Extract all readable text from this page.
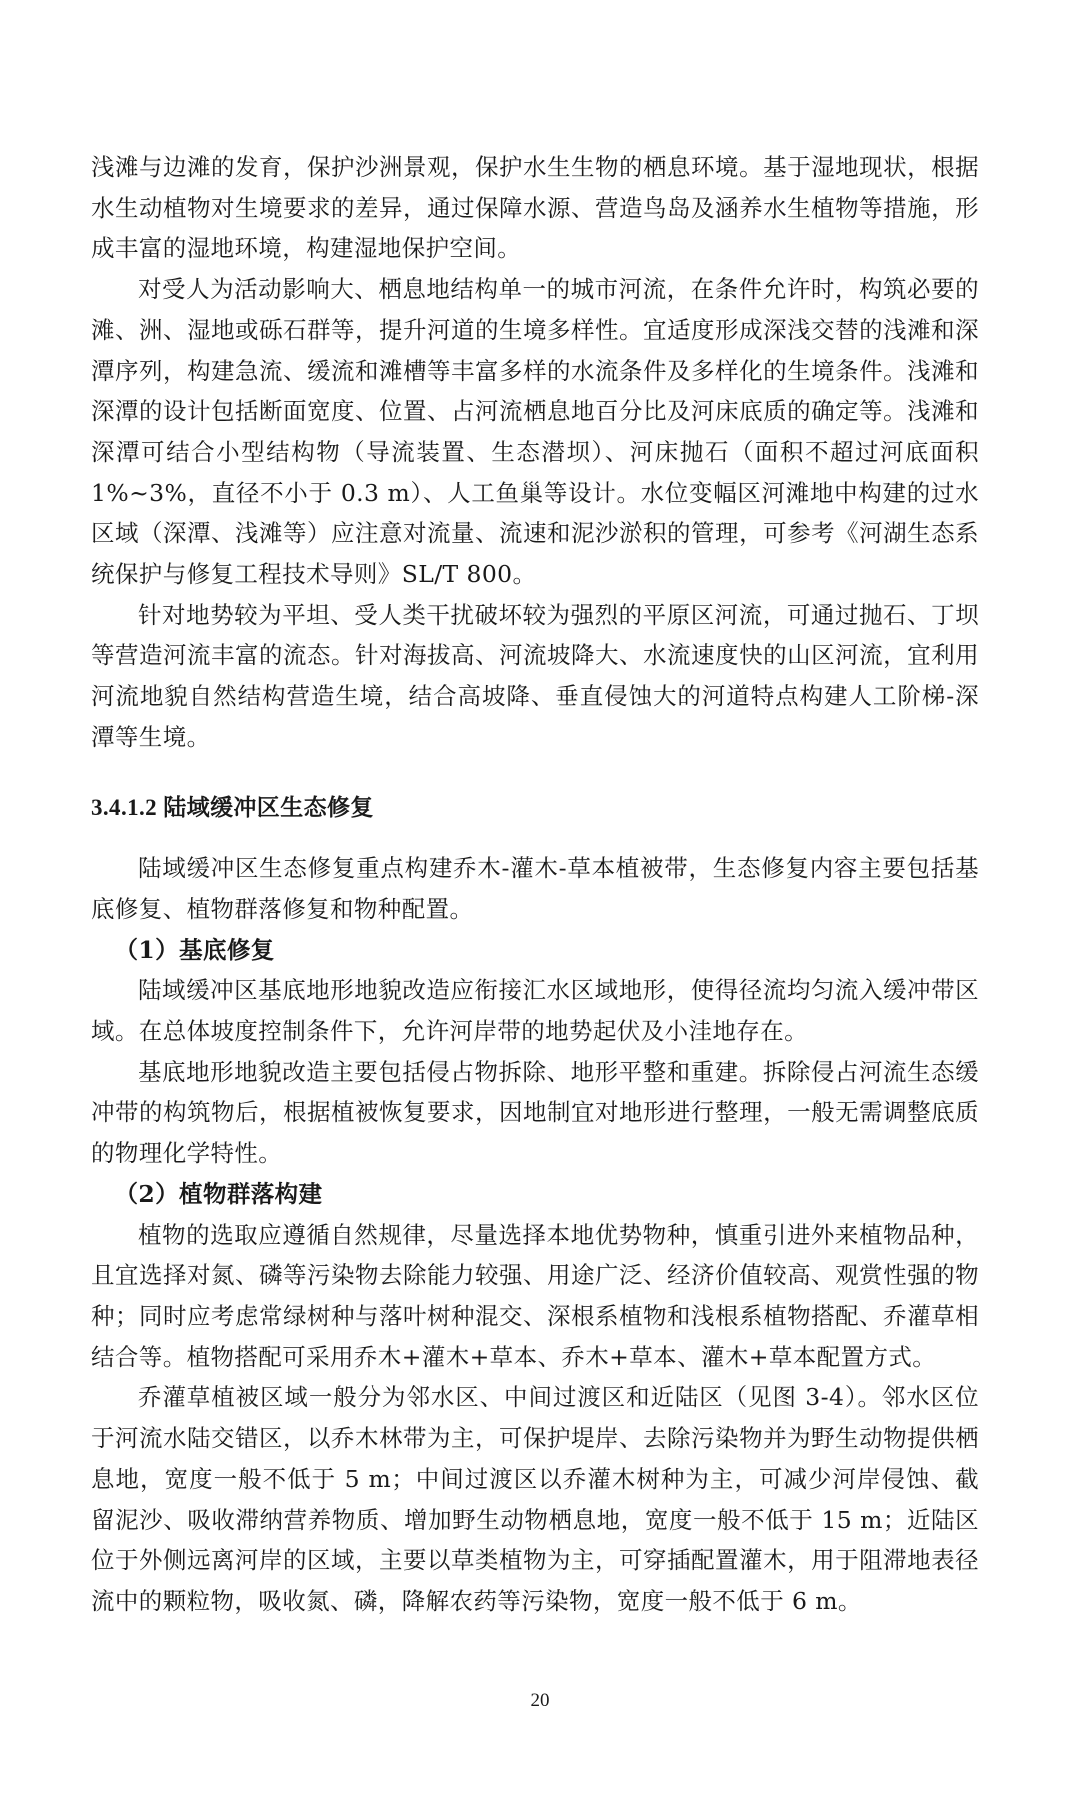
浅滩与边滩的发育，保护沙洲景观，保护水生生物的栖息环境。基于湿地现状，根据水生动植物对生境要求的差异，通过保障水源、营造鸟岛及涵养水生植物等措施，形成丰富的湿地环境，构建湿地保护空间。

对受人为活动影响大、栖息地结构单一的城市河流，在条件允许时，构筑必要的滩、洲、湿地或砾石群等，提升河道的生境多样性。宜适度形成深浅交替的浅滩和深潭序列，构建急流、缓流和滩槽等丰富多样的水流条件及多样化的生境条件。浅滩和深潭的设计包括断面宽度、位置、占河流栖息地百分比及河床底质的确定等。浅滩和深潭可结合小型结构物（导流装置、生态潜坝）、河床抛石（面积不超过河底面积 1%~3%，直径不小于 0.3 m）、人工鱼巢等设计。水位变幅区河滩地中构建的过水区域（深潭、浅滩等）应注意对流量、流速和泥沙淤积的管理，可参考《河湖生态系统保护与修复工程技术导则》SL/T 800。

针对地势较为平坦、受人类干扰破坏较为强烈的平原区河流，可通过抛石、丁坝等营造河流丰富的流态。针对海拔高、河流坡降大、水流速度快的山区河流，宜利用河流地貌自然结构营造生境，结合高坡降、垂直侵蚀大的河道特点构建人工阶梯-深潭等生境。

3.4.1.2 陆域缓冲区生态修复

陆域缓冲区生态修复重点构建乔木-灌木-草本植被带，生态修复内容主要包括基底修复、植物群落修复和物种配置。

（1）基底修复

陆域缓冲区基底地形地貌改造应衔接汇水区域地形，使得径流均匀流入缓冲带区域。在总体坡度控制条件下，允许河岸带的地势起伏及小洼地存在。

基底地形地貌改造主要包括侵占物拆除、地形平整和重建。拆除侵占河流生态缓冲带的构筑物后，根据植被恢复要求，因地制宜对地形进行整理，一般无需调整底质的物理化学特性。

（2）植物群落构建

植物的选取应遵循自然规律，尽量选择本地优势物种，慎重引进外来植物品种，且宜选择对氮、磷等污染物去除能力较强、用途广泛、经济价值较高、观赏性强的物种；同时应考虑常绿树种与落叶树种混交、深根系植物和浅根系植物搭配、乔灌草相结合等。植物搭配可采用乔木+灌木+草本、乔木+草本、灌木+草本配置方式。

乔灌草植被区域一般分为邻水区、中间过渡区和近陆区（见图 3-4）。邻水区位于河流水陆交错区，以乔木林带为主，可保护堤岸、去除污染物并为野生动物提供栖息地，宽度一般不低于 5 m；中间过渡区以乔灌木树种为主，可减少河岸侵蚀、截留泥沙、吸收滞纳营养物质、增加野生动物栖息地，宽度一般不低于 15 m；近陆区位于外侧远离河岸的区域，主要以草类植物为主，可穿插配置灌木，用于阻滞地表径流中的颗粒物，吸收氮、磷，降解农药等污染物，宽度一般不低于 6 m。

20
